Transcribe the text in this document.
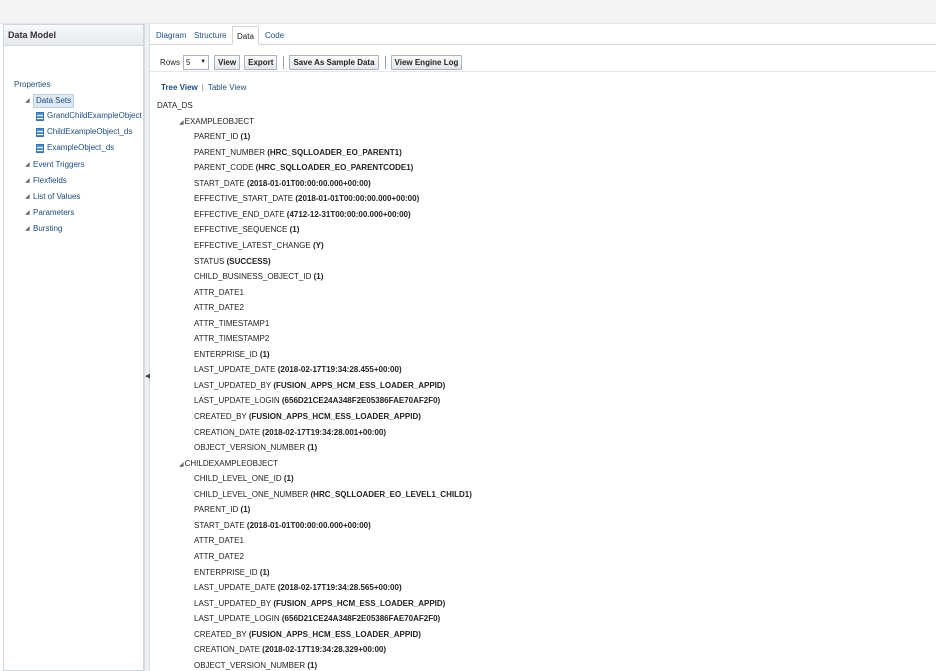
Data Model
Properties
◢ Data Sets
GrandChildExampleObject
ChildExampleObject_ds
ExampleObject_ds
◢ Event Triggers
◢ Flexfields
◢ List of Values
◢ Parameters
◢ Bursting
◀
Diagram Structure	Data	Code
Rows 5 ▼	View	Export	Save As Sample Data	View Engine Log
Tree View | Table View
DATA_DS
◢EXAMPLEOBJECT
PARENT_ID (1)
PARENT_NUMBER (HRC_SQLLOADER_EO_PARENT1)
PARENT_CODE (HRC_SQLLOADER_EO_PARENTCODE1)
START_DATE (2018-01-01T00:00:00.000+00:00)
EFFECTIVE_START_DATE (2018-01-01T00:00:00.000+00:00)
EFFECTIVE_END_DATE (4712-12-31T00:00:00.000+00:00)
EFFECTIVE_SEQUENCE (1)
EFFECTIVE_LATEST_CHANGE (Y)
STATUS (SUCCESS)
CHILD_BUSINESS_OBJECT_ID (1)
ATTR_DATE1
ATTR_DATE2
ATTR_TIMESTAMP1
ATTR_TIMESTAMP2
ENTERPRISE_ID (1)
LAST_UPDATE_DATE (2018-02-17T19:34:28.455+00:00)
LAST_UPDATED_BY (FUSION_APPS_HCM_ESS_LOADER_APPID)
LAST_UPDATE_LOGIN (656D21CE24A348F2E05386FAE70AF2F0)
CREATED_BY (FUSION_APPS_HCM_ESS_LOADER_APPID)
CREATION_DATE (2018-02-17T19:34:28.001+00:00)
OBJECT_VERSION_NUMBER (1)
◢CHILDEXAMPLEOBJECT
CHILD_LEVEL_ONE_ID (1)
CHILD_LEVEL_ONE_NUMBER (HRC_SQLLOADER_EO_LEVEL1_CHILD1)
PARENT_ID (1)
START_DATE (2018-01-01T00:00:00.000+00:00)
ATTR_DATE1
ATTR_DATE2
ENTERPRISE_ID (1)
LAST_UPDATE_DATE (2018-02-17T19:34:28.565+00:00)
LAST_UPDATED_BY (FUSION_APPS_HCM_ESS_LOADER_APPID)
LAST_UPDATE_LOGIN (656D21CE24A348F2E05386FAE70AF2F0)
CREATED_BY (FUSION_APPS_HCM_ESS_LOADER_APPID)
CREATION_DATE (2018-02-17T19:34:28.329+00:00)
OBJECT_VERSION_NUMBER (1)
